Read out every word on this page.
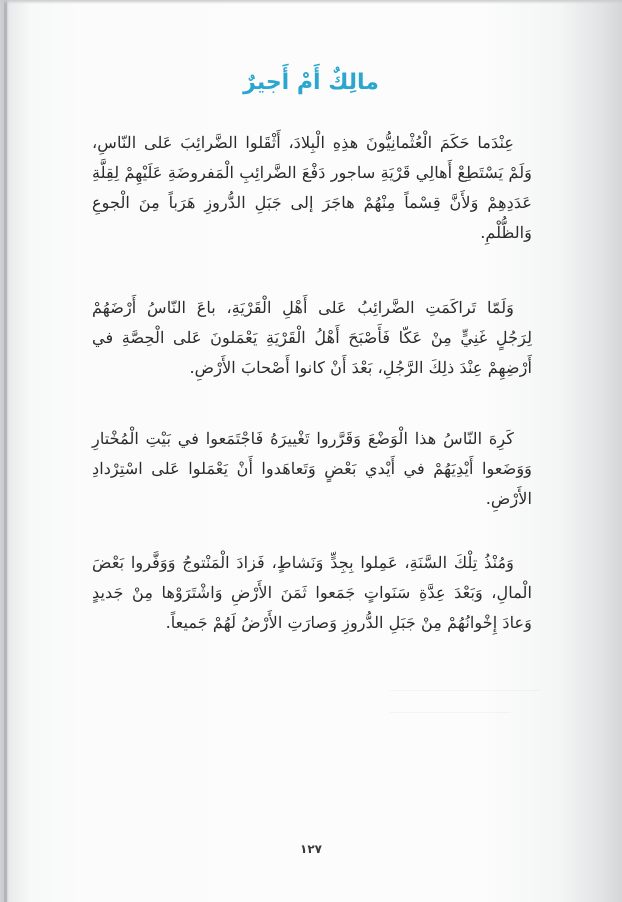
مالِكٌ أَمْ أَجيرٌ
عِنْدَما حَكَمَ الْعُثْمانِيُّونَ هذِهِ الْبِلادَ، أَثْقَلوا الضَّرائِبَ عَلى النّاسِ،
وَلَمْ يَسْتَطِعْ أَهالِي قَرْيَةِ ساجور دَفْعَ الضَّرائِبِ الْمَفروضَةِ عَلَيْهِمْ لِقِلَّةِ
عَدَدِهِمْ وَلأَنَّ قِسْماً مِنْهُمْ هاجَرَ إلى جَبَلِ الدُّروزِ هَرَباً مِنَ الْجوعِ
وَالظُّلْمِ.
وَلَمّا تَراكَمَتِ الضَّرائِبُ عَلى أَهْلِ الْقَرْيَةِ، باعَ النّاسُ أَرْضَهُمْ
لِرَجُلٍ غَنِيٍّ مِنْ عَكّا فَأَصْبَحَ أَهْلُ الْقَرْيَةِ يَعْمَلونَ عَلى الْحِصَّةِ في
أَرْضِهِمْ عِنْدَ ذلِكَ الرَّجُلِ، بَعْدَ أَنْ كانوا أَصْحابَ الأَرْضِ.
كَرِهَ النّاسُ هذا الْوَضْعَ وَقَرَّروا تَغْييرَهُ فَاجْتَمَعوا في بَيْتِ الْمُخْتارِ
وَوَضَعوا أَيْدِيَهُمْ في أَيْدي بَعْضٍ وَتَعاهَدوا أَنْ يَعْمَلوا عَلى اسْتِرْدادِ
الأَرْضِ.
وَمُنْذُ تِلْكَ السَّنَةِ، عَمِلوا بِجِدٍّ وَنَشاطٍ، فَزادَ الْمَنْتوجُ وَوَفَّروا بَعْضَ
الْمالِ، وَبَعْدَ عِدَّةِ سَنَواتٍ جَمَعوا ثَمَنَ الأَرْضِ وَاشْتَرَوْها مِنْ جَديدٍ
وَعادَ إِخْوانُهُمْ مِنْ جَبَلِ الدُّروزِ وَصارَتِ الأَرْضُ لَهُمْ جَميعاً.
١٢٧
